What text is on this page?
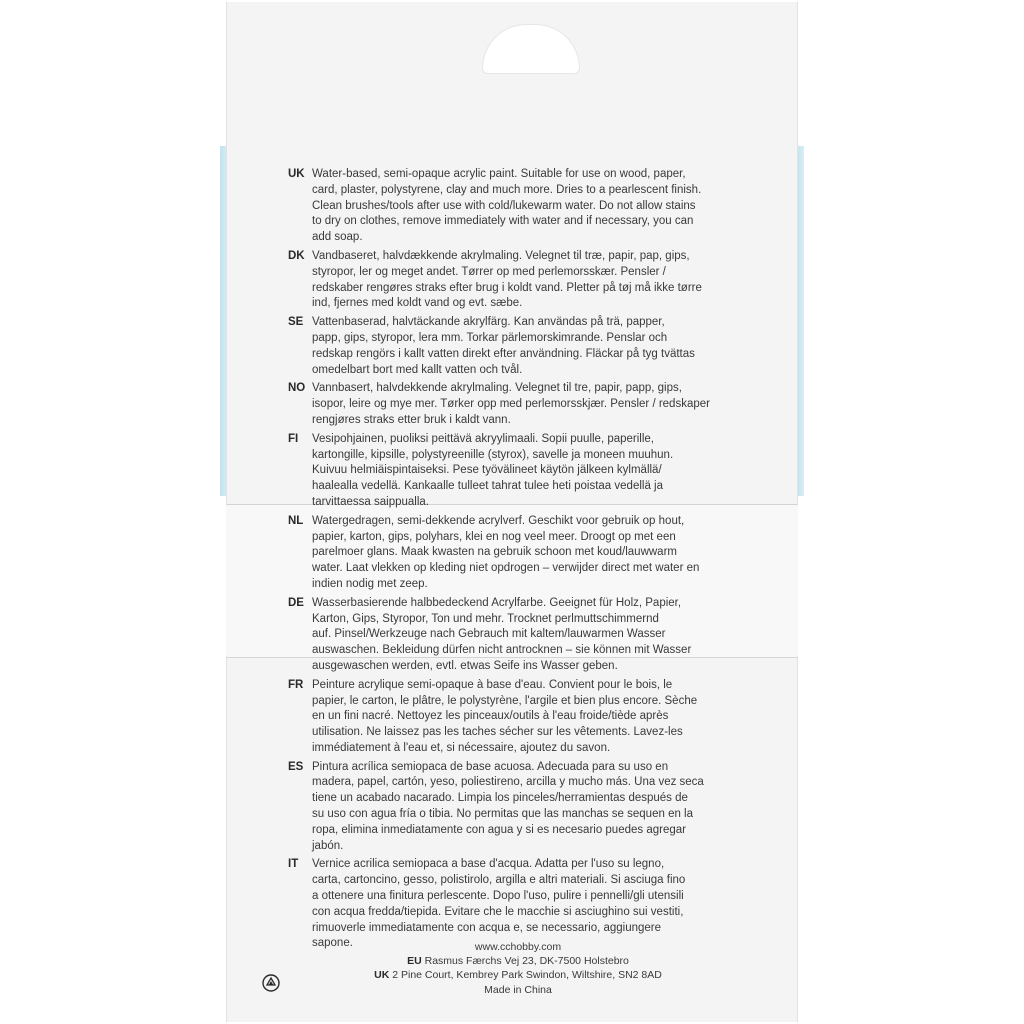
UK Water-based, semi-opaque acrylic paint. Suitable for use on wood, paper,
card, plaster, polystyrene, clay and much more. Dries to a pearlescent finish.
Clean brushes/tools after use with cold/lukewarm water. Do not allow stains
to dry on clothes, remove immediately with water and if necessary, you can
add soap.
DK Vandbaseret, halvdækkende akrylmaling. Velegnet til træ, papir, pap, gips,
styropor, ler og meget andet. Tørrer op med perlemorsskær. Pensler /
redskaber rengøres straks efter brug i koldt vand. Pletter på tøj må ikke tørre
ind, fjernes med koldt vand og evt. sæbe.
SE Vattenbaserad, halvtäckande akrylfärg. Kan användas på trä, papper,
papp, gips, styropor, lera mm. Torkar pärlemorskimrande. Penslar och
redskap rengörs i kallt vatten direkt efter användning. Fläckar på tyg tvättas
omedelbart bort med kallt vatten och tvål.
NO Vannbasert, halvdekkende akrylmaling. Velegnet til tre, papir, papp, gips,
isopor, leire og mye mer. Tørker opp med perlemorsskjær. Pensler / redskaper
rengjøres straks etter bruk i kaldt vann.
FI	Vesipohjainen, puoliksi peittävä akryylimaali. Sopii puulle, paperille,
kartongille, kipsille, polystyreenille (styrox), savelle ja moneen muuhun.
Kuivuu helmiäispintaiseksi. Pese työvälineet käytön jälkeen kylmällä/
haalealla vedellä. Kankaalle tulleet tahrat tulee heti poistaa vedellä ja
tarvittaessa saippualla.
NL Watergedragen, semi-dekkende acrylverf. Geschikt voor gebruik op hout,
papier, karton, gips, polyhars, klei en nog veel meer. Droogt op met een
parelmoer glans. Maak kwasten na gebruik schoon met koud/lauwwarm
water. Laat vlekken op kleding niet opdrogen – verwijder direct met water en
indien nodig met zeep.
DE Wasserbasierende halbbedeckend Acrylfarbe. Geeignet für Holz, Papier,
Karton, Gips, Styropor, Ton und mehr. Trocknet perlmuttschimmernd
auf. Pinsel/Werkzeuge nach Gebrauch mit kaltem/lauwarmen Wasser
auswaschen. Bekleidung dürfen nicht antrocknen – sie können mit Wasser
ausgewaschen werden, evtl. etwas Seife ins Wasser geben.
FR Peinture acrylique semi-opaque à base d'eau. Convient pour le bois, le
papier, le carton, le plâtre, le polystyrène, l'argile et bien plus encore. Sèche
en un fini nacré. Nettoyez les pinceaux/outils à l'eau froide/tiède après
utilisation. Ne laissez pas les taches sécher sur les vêtements. Lavez-les
immédiatement à l'eau et, si nécessaire, ajoutez du savon.
ES Pintura acrílica semiopaca de base acuosa. Adecuada para su uso en
madera, papel, cartón, yeso, poliestireno, arcilla y mucho más. Una vez seca
tiene un acabado nacarado. Limpia los pinceles/herramientas después de
su uso con agua fría o tibia. No permitas que las manchas se sequen en la
ropa, elimina inmediatamente con agua y si es necesario puedes agregar
jabón.
IT	Vernice acrilica semiopaca a base d'acqua. Adatta per l'uso su legno,
carta, cartoncino, gesso, polistirolo, argilla e altri materiali. Si asciuga fino
a ottenere una finitura perlescente. Dopo l'uso, pulire i pennelli/gli utensili
con acqua fredda/tiepida. Evitare che le macchie si asciughino sui vestiti,
rimuoverle immediatamente con acqua e, se necessario, aggiungere
sapone.	www.cchobby.com
EU Rasmus Færchs Vej 23, DK-7500 Holstebro
UK 2 Pine Court, Kembrey Park Swindon, Wiltshire, SN2 8AD
Made in China
